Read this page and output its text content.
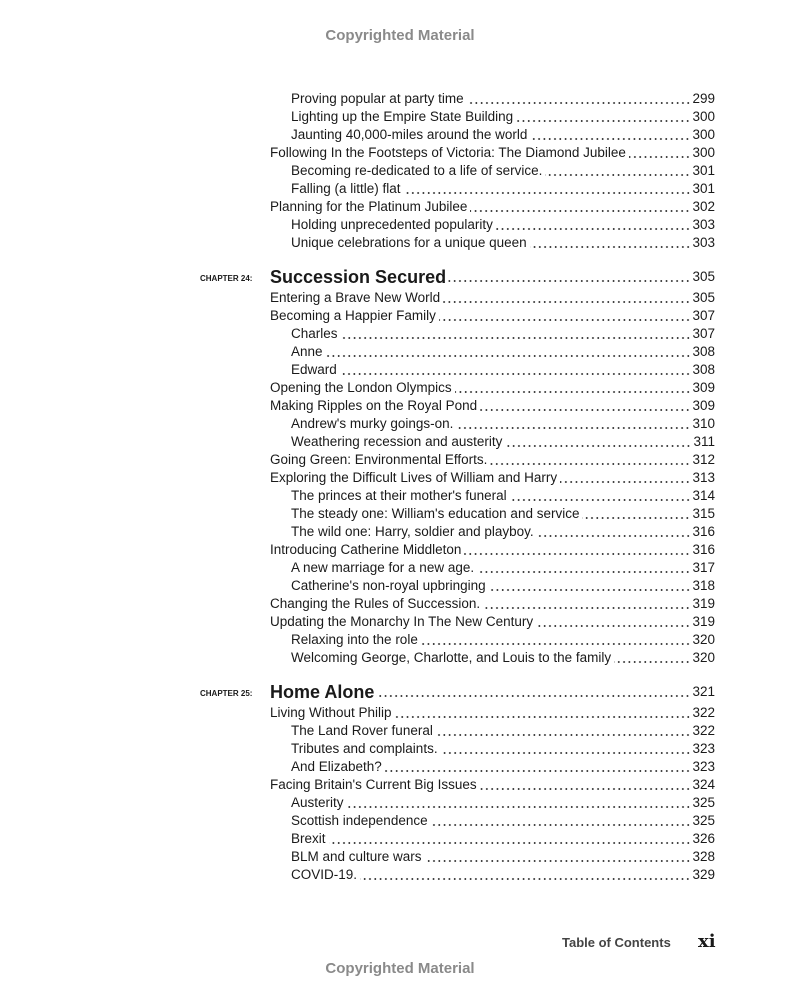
Copyrighted Material
Proving popular at party time	299
Lighting up the Empire State Building	300
Jaunting 40,000-miles around the world	300
Following In the Footsteps of Victoria: The Diamond Jubilee	300
Becoming re-dedicated to a life of service.	301
Falling (a little) flat	301
Planning for the Platinum Jubilee	302
Holding unprecedented popularity	303
Unique celebrations for a unique queen	303
CHAPTER 24: Succession Secured	305
Entering a Brave New World	305
Becoming a Happier Family	307
Charles	307
Anne	308
Edward	308
Opening the London Olympics	309
Making Ripples on the Royal Pond	309
Andrew's murky goings-on.	310
Weathering recession and austerity	311
Going Green: Environmental Efforts.	312
Exploring the Difficult Lives of William and Harry	313
The princes at their mother's funeral	314
The steady one: William's education and service	315
The wild one: Harry, soldier and playboy.	316
Introducing Catherine Middleton	316
A new marriage for a new age.	317
Catherine's non-royal upbringing	318
Changing the Rules of Succession.	319
Updating the Monarchy In The New Century	319
Relaxing into the role	320
Welcoming George, Charlotte, and Louis to the family	320
CHAPTER 25: Home Alone	321
Living Without Philip	322
The Land Rover funeral	322
Tributes and complaints.	323
And Elizabeth?	323
Facing Britain's Current Big Issues	324
Austerity	325
Scottish independence	325
Brexit	326
BLM and culture wars	328
COVID-19.	329
Table of Contents xi
Copyrighted Material
